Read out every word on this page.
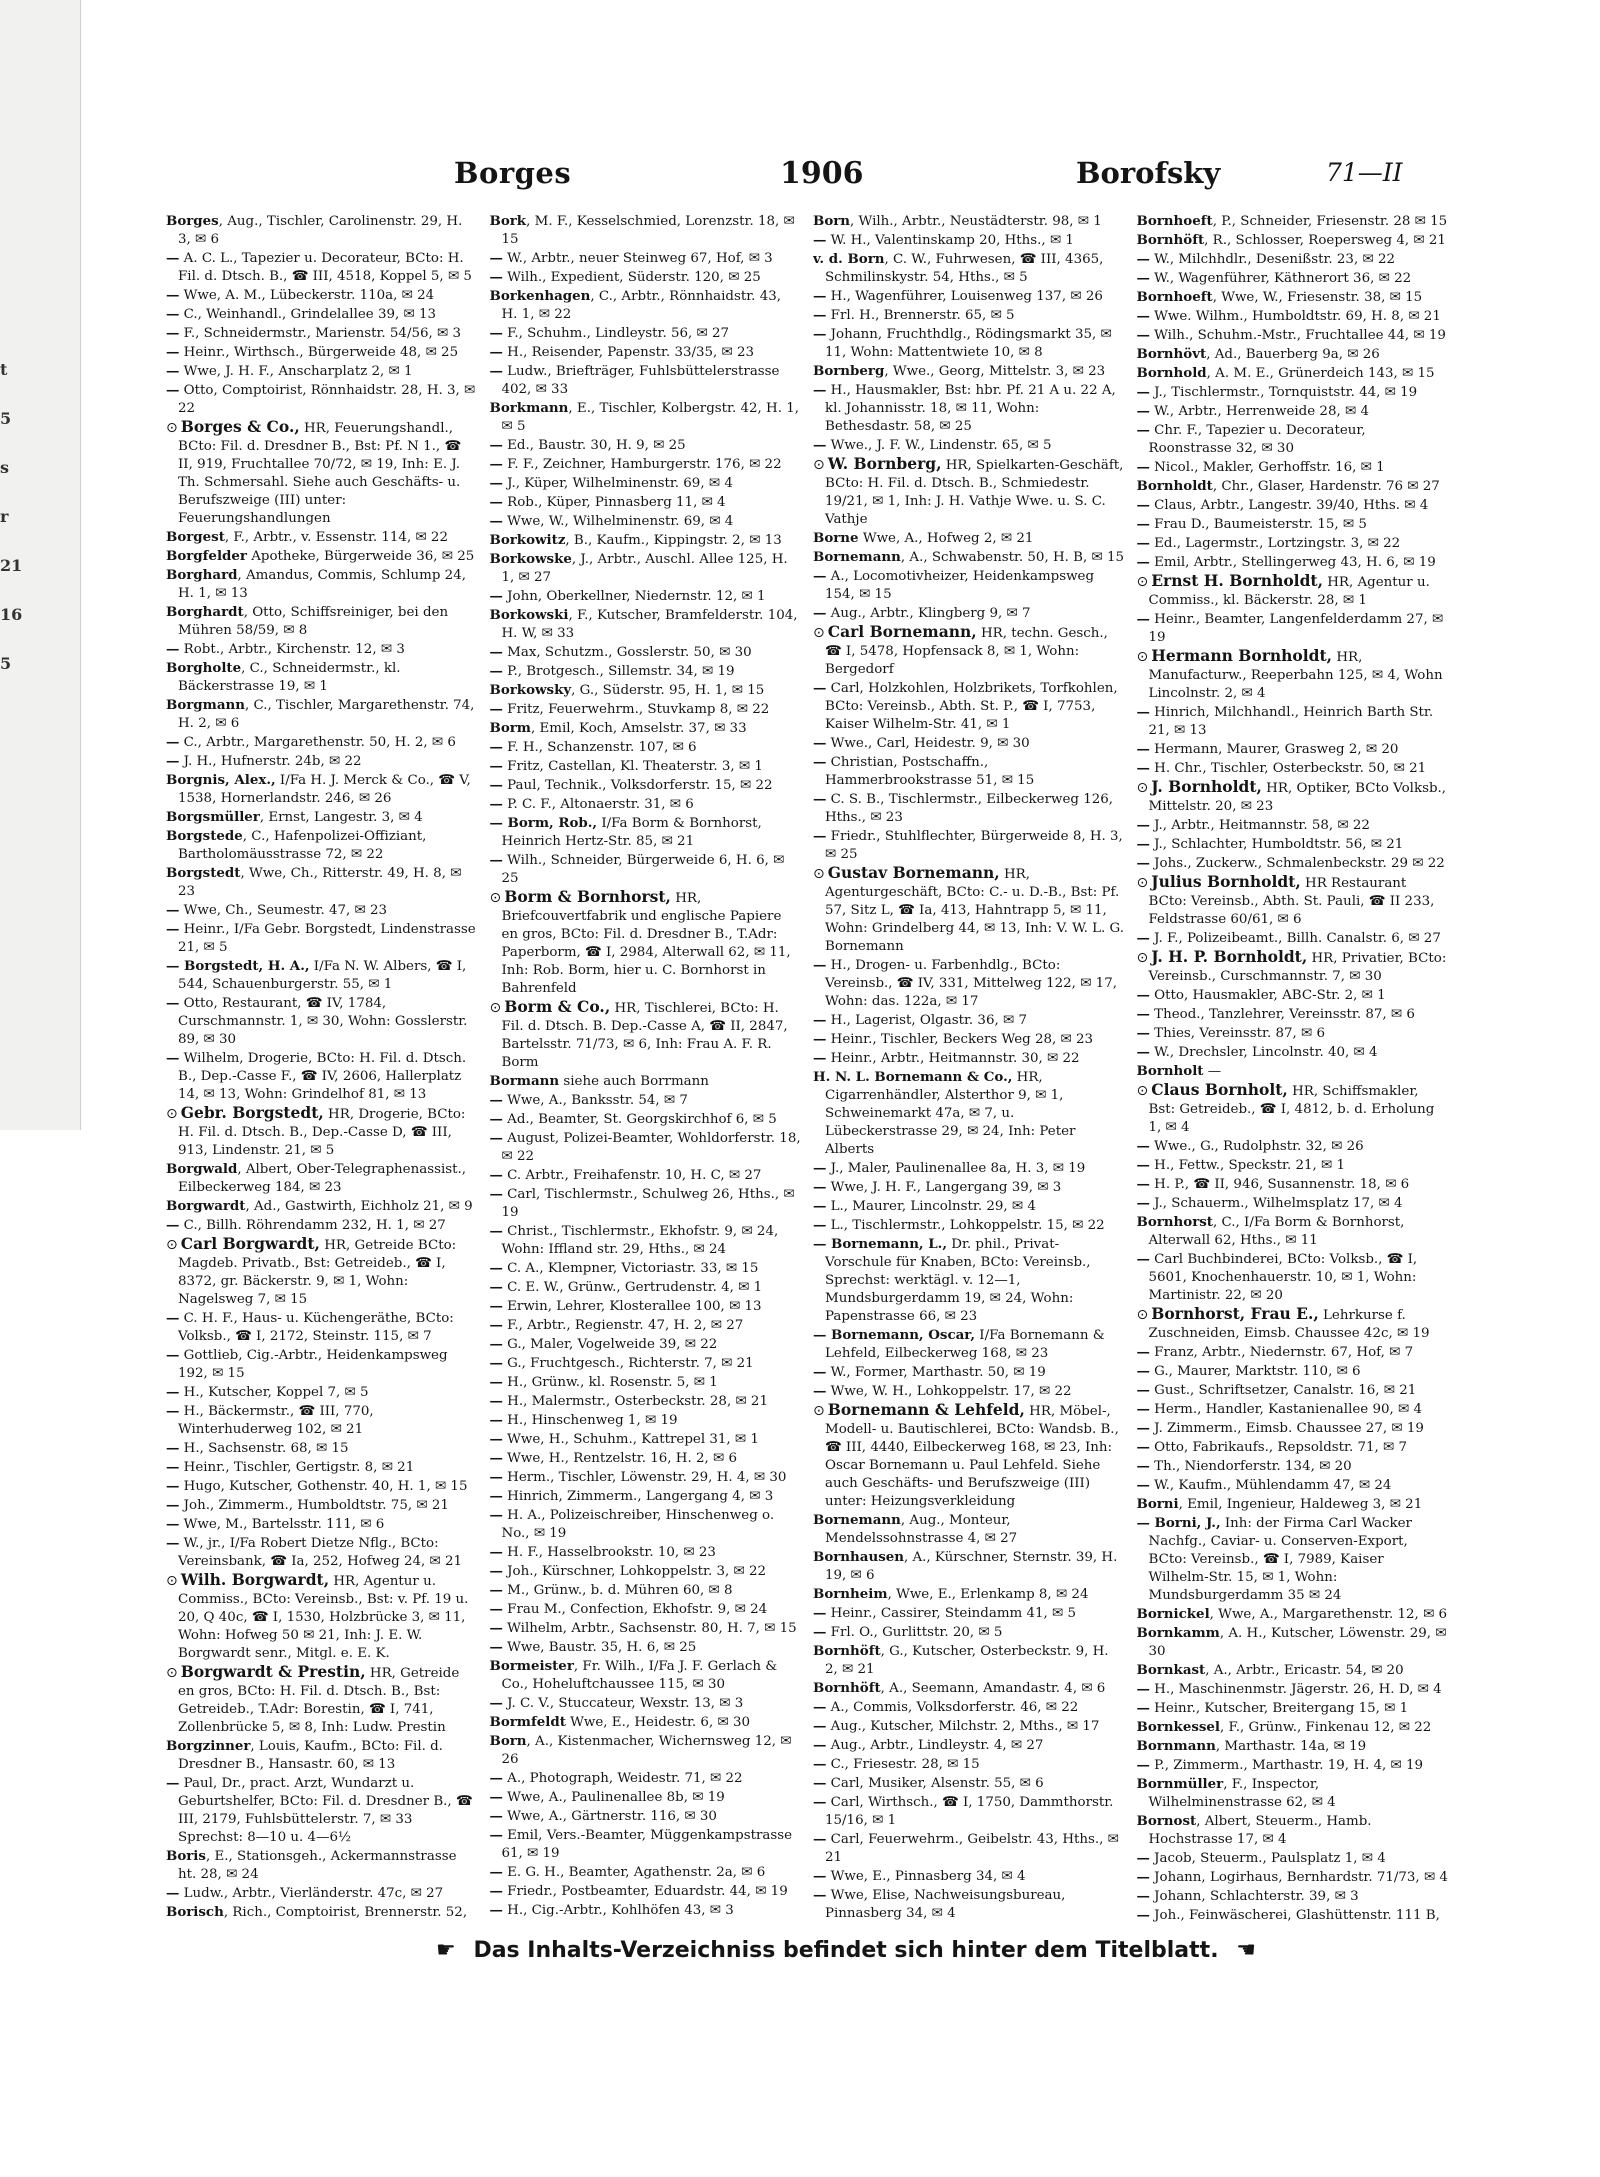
t
5
s
r
21
16
5
Borges	1906	Borofsky	71—II

Borges, Aug., Tischler, Carolinenstr. 29, H. 3, ✉ 6

— A. C. L., Tapezier u. Decorateur, BCto: H. Fil. d. Dtsch. B., ☎ III, 4518, Koppel 5, ✉ 5

— Wwe, A. M., Lübeckerstr. 110a, ✉ 24

— C., Weinhandl., Grindelallee 39, ✉ 13

— F., Schneidermstr., Marienstr. 54/56, ✉ 3

— Heinr., Wirthsch., Bürgerweide 48, ✉ 25

— Wwe, J. H. F., Anscharplatz 2, ✉ 1

— Otto, Comptoirist, Rönnhaidstr. 28, H. 3, ✉ 22

⊙ Borges & Co., HR, Feuerungshandl., BCto: Fil. d. Dresdner B., Bst: Pf. N 1., ☎ II, 919, Fruchtallee 70/72, ✉ 19, Inh: E. J. Th. Schmersahl. Siehe auch Geschäfts- u. Berufszweige (III) unter: Feuerungshandlungen

Borgest, F., Arbtr., v. Essenstr. 114, ✉ 22

Borgfelder Apotheke, Bürgerweide 36, ✉ 25

Borghard, Amandus, Commis, Schlump 24, H. 1, ✉ 13

Borghardt, Otto, Schiffsreiniger, bei den Mühren 58/59, ✉ 8

— Robt., Arbtr., Kirchenstr. 12, ✉ 3

Borgholte, C., Schneidermstr., kl. Bäckerstrasse 19, ✉ 1

Borgmann, C., Tischler, Margarethenstr. 74, H. 2, ✉ 6

— C., Arbtr., Margarethenstr. 50, H. 2, ✉ 6

— J. H., Hufnerstr. 24b, ✉ 22

Borgnis, Alex., I/Fa H. J. Merck & Co., ☎ V, 1538, Hornerlandstr. 246, ✉ 26

Borgsmüller, Ernst, Langestr. 3, ✉ 4

Borgstede, C., Hafenpolizei-Offiziant, Bartholomäusstrasse 72, ✉ 22

Borgstedt, Wwe, Ch., Ritterstr. 49, H. 8, ✉ 23

— Wwe, Ch., Seumestr. 47, ✉ 23

— Heinr., I/Fa Gebr. Borgstedt, Lindenstrasse 21, ✉ 5

— Borgstedt, H. A., I/Fa N. W. Albers, ☎ I, 544, Schauenburgerstr. 55, ✉ 1

— Otto, Restaurant, ☎ IV, 1784, Curschmannstr. 1, ✉ 30, Wohn: Gosslerstr. 89, ✉ 30

— Wilhelm, Drogerie, BCto: H. Fil. d. Dtsch. B., Dep.-Casse F., ☎ IV, 2606, Hallerplatz 14, ✉ 13, Wohn: Grindelhof 81, ✉ 13

⊙ Gebr. Borgstedt, HR, Drogerie, BCto: H. Fil. d. Dtsch. B., Dep.-Casse D, ☎ III, 913, Lindenstr. 21, ✉ 5

Borgwald, Albert, Ober-Telegraphenassist., Eilbeckerweg 184, ✉ 23

Borgwardt, Ad., Gastwirth, Eichholz 21, ✉ 9

— C., Billh. Röhrendamm 232, H. 1, ✉ 27

⊙ Carl Borgwardt, HR, Getreide BCto: Magdeb. Privatb., Bst: Getreideb., ☎ I, 8372, gr. Bäckerstr. 9, ✉ 1, Wohn: Nagelsweg 7, ✉ 15

— C. H. F., Haus- u. Küchengeräthe, BCto: Volksb., ☎ I, 2172, Steinstr. 115, ✉ 7

— Gottlieb, Cig.-Arbtr., Heidenkampsweg 192, ✉ 15

— H., Kutscher, Koppel 7, ✉ 5

— H., Bäckermstr., ☎ III, 770, Winterhuderweg 102, ✉ 21

— H., Sachsenstr. 68, ✉ 15

— Heinr., Tischler, Gertigstr. 8, ✉ 21

— Hugo, Kutscher, Gothenstr. 40, H. 1, ✉ 15

— Joh., Zimmerm., Humboldtstr. 75, ✉ 21

— Wwe, M., Bartelsstr. 111, ✉ 6

— W., jr., I/Fa Robert Dietze Nflg., BCto: Vereinsbank, ☎ Ia, 252, Hofweg 24, ✉ 21

⊙ Wilh. Borgwardt, HR, Agentur u. Commiss., BCto: Vereinsb., Bst: v. Pf. 19 u. 20, Q 40c, ☎ I, 1530, Holzbrücke 3, ✉ 11, Wohn: Hofweg 50 ✉ 21, Inh: J. E. W. Borgwardt senr., Mitgl. e. E. K.

⊙ Borgwardt & Prestin, HR, Getreide en gros, BCto: H. Fil. d. Dtsch. B., Bst: Getreideb., T.Adr: Borestin, ☎ I, 741, Zollenbrücke 5, ✉ 8, Inh: Ludw. Prestin

Borgzinner, Louis, Kaufm., BCto: Fil. d. Dresdner B., Hansastr. 60, ✉ 13

— Paul, Dr., pract. Arzt, Wundarzt u. Geburtshelfer, BCto: Fil. d. Dresdner B., ☎ III, 2179, Fuhlsbüttelerstr. 7, ✉ 33 Sprechst: 8—10 u. 4—6½

Boris, E., Stationsgeh., Ackermannstrasse ht. 28, ✉ 24

— Ludw., Arbtr., Vierländerstr. 47c, ✉ 27

Borisch, Rich., Comptoirist, Brennerstr. 52,

Bork, M. F., Kesselschmied, Lorenzstr. 18, ✉ 15

— W., Arbtr., neuer Steinweg 67, Hof, ✉ 3

— Wilh., Expedient, Süderstr. 120, ✉ 25

Borkenhagen, C., Arbtr., Rönnhaidstr. 43, H. 1, ✉ 22

— F., Schuhm., Lindleystr. 56, ✉ 27

— H., Reisender, Papenstr. 33/35, ✉ 23

— Ludw., Briefträger, Fuhlsbüttelerstrasse 402, ✉ 33

Borkmann, E., Tischler, Kolbergstr. 42, H. 1, ✉ 5

— Ed., Baustr. 30, H. 9, ✉ 25

— F. F., Zeichner, Hamburgerstr. 176, ✉ 22

— J., Küper, Wilhelminenstr. 69, ✉ 4

— Rob., Küper, Pinnasberg 11, ✉ 4

— Wwe, W., Wilhelminenstr. 69, ✉ 4

Borkowitz, B., Kaufm., Kippingstr. 2, ✉ 13

Borkowske, J., Arbtr., Auschl. Allee 125, H. 1, ✉ 27

— John, Oberkellner, Niedernstr. 12, ✉ 1

Borkowski, F., Kutscher, Bramfelderstr. 104, H. W, ✉ 33

— Max, Schutzm., Gosslerstr. 50, ✉ 30

— P., Brotgesch., Sillemstr. 34, ✉ 19

Borkowsky, G., Süderstr. 95, H. 1, ✉ 15

— Fritz, Feuerwehrm., Stuvkamp 8, ✉ 22

Borm, Emil, Koch, Amselstr. 37, ✉ 33

— F. H., Schanzenstr. 107, ✉ 6

— Fritz, Castellan, Kl. Theaterstr. 3, ✉ 1

— Paul, Technik., Volksdorferstr. 15, ✉ 22

— P. C. F., Altonaerstr. 31, ✉ 6

— Borm, Rob., I/Fa Borm & Bornhorst, Heinrich Hertz-Str. 85, ✉ 21

— Wilh., Schneider, Bürgerweide 6, H. 6, ✉ 25

⊙ Borm & Bornhorst, HR, Briefcouvertfabrik und englische Papiere en gros, BCto: Fil. d. Dresdner B., T.Adr: Paperborm, ☎ I, 2984, Alterwall 62, ✉ 11, Inh: Rob. Borm, hier u. C. Bornhorst in Bahrenfeld

⊙ Borm & Co., HR, Tischlerei, BCto: H. Fil. d. Dtsch. B. Dep.-Casse A, ☎ II, 2847, Bartelsstr. 71/73, ✉ 6, Inh: Frau A. F. R. Borm

Bormann siehe auch Borrmann

— Wwe, A., Banksstr. 54, ✉ 7

— Ad., Beamter, St. Georgskirchhof 6, ✉ 5

— August, Polizei-Beamter, Wohldorferstr. 18, ✉ 22

— C. Arbtr., Freihafenstr. 10, H. C, ✉ 27

— Carl, Tischlermstr., Schulweg 26, Hths., ✉ 19

— Christ., Tischlermstr., Ekhofstr. 9, ✉ 24, Wohn: Iffland str. 29, Hths., ✉ 24

— C. A., Klempner, Victoriastr. 33, ✉ 15

— C. E. W., Grünw., Gertrudenstr. 4, ✉ 1

— Erwin, Lehrer, Klosterallee 100, ✉ 13

— F., Arbtr., Regienstr. 47, H. 2, ✉ 27

— G., Maler, Vogelweide 39, ✉ 22

— G., Fruchtgesch., Richterstr. 7, ✉ 21

— H., Grünw., kl. Rosenstr. 5, ✉ 1

— H., Malermstr., Osterbeckstr. 28, ✉ 21

— H., Hinschenweg 1, ✉ 19

— Wwe, H., Schuhm., Kattrepel 31, ✉ 1

— Wwe, H., Rentzelstr. 16, H. 2, ✉ 6

— Herm., Tischler, Löwenstr. 29, H. 4, ✉ 30

— Hinrich, Zimmerm., Langergang 4, ✉ 3

— H. A., Polizeischreiber, Hinschenweg o. No., ✉ 19

— H. F., Hasselbrookstr. 10, ✉ 23

— Joh., Kürschner, Lohkoppelstr. 3, ✉ 22

— M., Grünw., b. d. Mühren 60, ✉ 8

— Frau M., Confection, Ekhofstr. 9, ✉ 24

— Wilhelm, Arbtr., Sachsenstr. 80, H. 7, ✉ 15

— Wwe, Baustr. 35, H. 6, ✉ 25

Bormeister, Fr. Wilh., I/Fa J. F. Gerlach & Co., Hoheluftchaussee 115, ✉ 30

— J. C. V., Stuccateur, Wexstr. 13, ✉ 3

Bormfeldt Wwe, E., Heidestr. 6, ✉ 30

Born, A., Kistenmacher, Wichernsweg 12, ✉ 26

— A., Photograph, Weidestr. 71, ✉ 22

— Wwe, A., Paulinenallee 8b, ✉ 19

— Wwe, A., Gärtnerstr. 116, ✉ 30

— Emil, Vers.-Beamter, Müggenkampstrasse 61, ✉ 19

— E. G. H., Beamter, Agathenstr. 2a, ✉ 6

— Friedr., Postbeamter, Eduardstr. 44, ✉ 19

— H., Cig.-Arbtr., Kohlhöfen 43, ✉ 3

Born, Wilh., Arbtr., Neustädterstr. 98, ✉ 1

— W. H., Valentinskamp 20, Hths., ✉ 1

v. d. Born, C. W., Fuhrwesen, ☎ III, 4365, Schmilinskystr. 54, Hths., ✉ 5

— H., Wagenführer, Louisenweg 137, ✉ 26

— Frl. H., Brennerstr. 65, ✉ 5

— Johann, Fruchthdlg., Rödingsmarkt 35, ✉ 11, Wohn: Mattentwiete 10, ✉ 8

Bornberg, Wwe., Georg, Mittelstr. 3, ✉ 23

— H., Hausmakler, Bst: hbr. Pf. 21 A u. 22 A, kl. Johannisstr. 18, ✉ 11, Wohn: Bethesdastr. 58, ✉ 25

— Wwe., J. F. W., Lindenstr. 65, ✉ 5

⊙ W. Bornberg, HR, Spielkarten-Geschäft, BCto: H. Fil. d. Dtsch. B., Schmiedestr. 19/21, ✉ 1, Inh: J. H. Vathje Wwe. u. S. C. Vathje

Borne Wwe, A., Hofweg 2, ✉ 21

Bornemann, A., Schwabenstr. 50, H. B, ✉ 15

— A., Locomotivheizer, Heidenkampsweg 154, ✉ 15

— Aug., Arbtr., Klingberg 9, ✉ 7

⊙ Carl Bornemann, HR, techn. Gesch., ☎ I, 5478, Hopfensack 8, ✉ 1, Wohn: Bergedorf

— Carl, Holzkohlen, Holzbrikets, Torfkohlen, BCto: Vereinsb., Abth. St. P., ☎ I, 7753, Kaiser Wilhelm-Str. 41, ✉ 1

— Wwe., Carl, Heidestr. 9, ✉ 30

— Christian, Postschaffn., Hammerbrookstrasse 51, ✉ 15

— C. S. B., Tischlermstr., Eilbeckerweg 126, Hths., ✉ 23

— Friedr., Stuhlflechter, Bürgerweide 8, H. 3, ✉ 25

⊙ Gustav Bornemann, HR, Agenturgeschäft, BCto: C.- u. D.-B., Bst: Pf. 57, Sitz L, ☎ Ia, 413, Hahntrapp 5, ✉ 11, Wohn: Grindelberg 44, ✉ 13, Inh: V. W. L. G. Bornemann

— H., Drogen- u. Farbenhdlg., BCto: Vereinsb., ☎ IV, 331, Mittelweg 122, ✉ 17, Wohn: das. 122a, ✉ 17

— H., Lagerist, Olgastr. 36, ✉ 7

— Heinr., Tischler, Beckers Weg 28, ✉ 23

— Heinr., Arbtr., Heitmannstr. 30, ✉ 22

H. N. L. Bornemann & Co., HR, Cigarrenhändler, Alsterthor 9, ✉ 1, Schweinemarkt 47a, ✉ 7, u. Lübeckerstrasse 29, ✉ 24, Inh: Peter Alberts

— J., Maler, Paulinenallee 8a, H. 3, ✉ 19

— Wwe, J. H. F., Langergang 39, ✉ 3

— L., Maurer, Lincolnstr. 29, ✉ 4

— L., Tischlermstr., Lohkoppelstr. 15, ✉ 22

— Bornemann, L., Dr. phil., Privat-Vorschule für Knaben, BCto: Vereinsb., Sprechst: werktägl. v. 12—1, Mundsburgerdamm 19, ✉ 24, Wohn: Papenstrasse 66, ✉ 23

— Bornemann, Oscar, I/Fa Bornemann & Lehfeld, Eilbeckerweg 168, ✉ 23

— W., Former, Marthastr. 50, ✉ 19

— Wwe, W. H., Lohkoppelstr. 17, ✉ 22

⊙ Bornemann & Lehfeld, HR, Möbel-, Modell- u. Bautischlerei, BCto: Wandsb. B., ☎ III, 4440, Eilbeckerweg 168, ✉ 23, Inh: Oscar Bornemann u. Paul Lehfeld. Siehe auch Geschäfts- und Berufszweige (III) unter: Heizungsverkleidung

Bornemann, Aug., Monteur, Mendelssohnstrasse 4, ✉ 27

Bornhausen, A., Kürschner, Sternstr. 39, H. 19, ✉ 6

Bornheim, Wwe, E., Erlenkamp 8, ✉ 24

— Heinr., Cassirer, Steindamm 41, ✉ 5

— Frl. O., Gurlittstr. 20, ✉ 5

Bornhöft, G., Kutscher, Osterbeckstr. 9, H. 2, ✉ 21

Bornhöft, A., Seemann, Amandastr. 4, ✉ 6

— A., Commis, Volksdorferstr. 46, ✉ 22

— Aug., Kutscher, Milchstr. 2, Mths., ✉ 17

— Aug., Arbtr., Lindleystr. 4, ✉ 27

— C., Friesestr. 28, ✉ 15

— Carl, Musiker, Alsenstr. 55, ✉ 6

— Carl, Wirthsch., ☎ I, 1750, Dammthorstr. 15/16, ✉ 1

— Carl, Feuerwehrm., Geibelstr. 43, Hths., ✉ 21

— Wwe, E., Pinnasberg 34, ✉ 4

— Wwe, Elise, Nachweisungsbureau, Pinnasberg 34, ✉ 4

Bornhoeft, P., Schneider, Friesenstr. 28 ✉ 15

Bornhöft, R., Schlosser, Roepersweg 4, ✉ 21

— W., Milchhdlr., Desenißstr. 23, ✉ 22

— W., Wagenführer, Käthnerort 36, ✉ 22

Bornhoeft, Wwe, W., Friesenstr. 38, ✉ 15

— Wwe. Wilhm., Humboldtstr. 69, H. 8, ✉ 21

— Wilh., Schuhm.-Mstr., Fruchtallee 44, ✉ 19

Bornhövt, Ad., Bauerberg 9a, ✉ 26

Bornhold, A. M. E., Grünerdeich 143, ✉ 15

— J., Tischlermstr., Tornquiststr. 44, ✉ 19

— W., Arbtr., Herrenweide 28, ✉ 4

— Chr. F., Tapezier u. Decorateur, Roonstrasse 32, ✉ 30

— Nicol., Makler, Gerhoffstr. 16, ✉ 1

Bornholdt, Chr., Glaser, Hardenstr. 76 ✉ 27

— Claus, Arbtr., Langestr. 39/40, Hths. ✉ 4

— Frau D., Baumeisterstr. 15, ✉ 5

— Ed., Lagermstr., Lortzingstr. 3, ✉ 22

— Emil, Arbtr., Stellingerweg 43, H. 6, ✉ 19

⊙ Ernst H. Bornholdt, HR, Agentur u. Commiss., kl. Bäckerstr. 28, ✉ 1

— Heinr., Beamter, Langenfelderdamm 27, ✉ 19

⊙ Hermann Bornholdt, HR, Manufacturw., Reeperbahn 125, ✉ 4, Wohn Lincolnstr. 2, ✉ 4

— Hinrich, Milchhandl., Heinrich Barth Str. 21, ✉ 13

— Hermann, Maurer, Grasweg 2, ✉ 20

— H. Chr., Tischler, Osterbeckstr. 50, ✉ 21

⊙ J. Bornholdt, HR, Optiker, BCto Volksb., Mittelstr. 20, ✉ 23

— J., Arbtr., Heitmannstr. 58, ✉ 22

— J., Schlachter, Humboldtstr. 56, ✉ 21

— Johs., Zuckerw., Schmalenbeckstr. 29 ✉ 22

⊙ Julius Bornholdt, HR Restaurant BCto: Vereinsb., Abth. St. Pauli, ☎ II 233, Feldstrasse 60/61, ✉ 6

— J. F., Polizeibeamt., Billh. Canalstr. 6, ✉ 27

⊙ J. H. P. Bornholdt, HR, Privatier, BCto: Vereinsb., Curschmannstr. 7, ✉ 30

— Otto, Hausmakler, ABC-Str. 2, ✉ 1

— Theod., Tanzlehrer, Vereinsstr. 87, ✉ 6

— Thies, Vereinsstr. 87, ✉ 6

— W., Drechsler, Lincolnstr. 40, ✉ 4

Bornholt —

⊙ Claus Bornholt, HR, Schiffsmakler, Bst: Getreideb., ☎ I, 4812, b. d. Erholung 1, ✉ 4

— Wwe., G., Rudolphstr. 32, ✉ 26

— H., Fettw., Speckstr. 21, ✉ 1

— H. P., ☎ II, 946, Susannenstr. 18, ✉ 6

— J., Schauerm., Wilhelmsplatz 17, ✉ 4

Bornhorst, C., I/Fa Borm & Bornhorst, Alterwall 62, Hths., ✉ 11

— Carl Buchbinderei, BCto: Volksb., ☎ I, 5601, Knochenhauerstr. 10, ✉ 1, Wohn: Martinistr. 22, ✉ 20

⊙ Bornhorst, Frau E., Lehrkurse f. Zuschneiden, Eimsb. Chaussee 42c, ✉ 19

— Franz, Arbtr., Niedernstr. 67, Hof, ✉ 7

— G., Maurer, Marktstr. 110, ✉ 6

— Gust., Schriftsetzer, Canalstr. 16, ✉ 21

— Herm., Handler, Kastanienallee 90, ✉ 4

— J. Zimmerm., Eimsb. Chaussee 27, ✉ 19

— Otto, Fabrikaufs., Repsoldstr. 71, ✉ 7

— Th., Niendorferstr. 134, ✉ 20

— W., Kaufm., Mühlendamm 47, ✉ 24

Borni, Emil, Ingenieur, Haldeweg 3, ✉ 21

— Borni, J., Inh: der Firma Carl Wacker Nachfg., Caviar- u. Conserven-Export, BCto: Vereinsb., ☎ I, 7989, Kaiser Wilhelm-Str. 15, ✉ 1, Wohn: Mundsburgerdamm 35 ✉ 24

Bornickel, Wwe, A., Margarethenstr. 12, ✉ 6

Bornkamm, A. H., Kutscher, Löwenstr. 29, ✉ 30

Bornkast, A., Arbtr., Ericastr. 54, ✉ 20

— H., Maschinenmstr. Jägerstr. 26, H. D, ✉ 4

— Heinr., Kutscher, Breitergang 15, ✉ 1

Bornkessel, F., Grünw., Finkenau 12, ✉ 22

Bornmann, Marthastr. 14a, ✉ 19

— P., Zimmerm., Marthastr. 19, H. 4, ✉ 19

Bornmüller, F., Inspector, Wilhelminenstrasse 62, ✉ 4

Bornost, Albert, Steuerm., Hamb. Hochstrasse 17, ✉ 4

— Jacob, Steuerm., Paulsplatz 1, ✉ 4

— Johann, Logirhaus, Bernhardstr. 71/73, ✉ 4

— Johann, Schlachterstr. 39, ✉ 3

— Joh., Feinwäscherei, Glashüttenstr. 111 B,

☛ Das Inhalts-Verzeichniss befindet sich hinter dem Titelblatt. ☚
